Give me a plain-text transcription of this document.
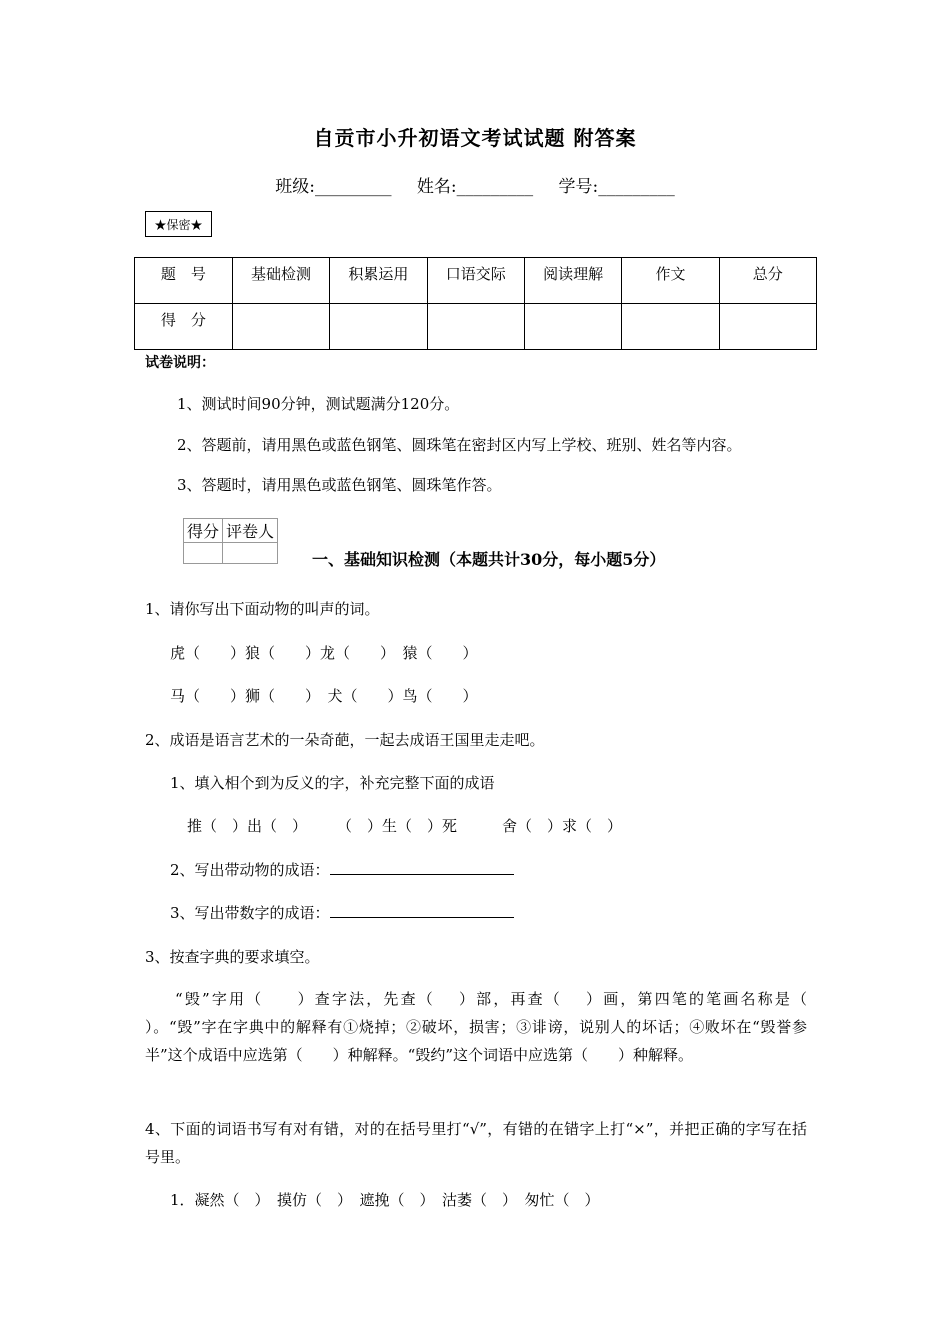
自贡市小升初语文考试试题 附答案
班级:_________ 姓名:_________ 学号:_________
★保密★
题　号	基础检测	积累运用	口语交际	阅读理解	作文	总分
得　分						
试卷说明：
1、测试时间90分钟，测试题满分120分。
2、答题前，请用黑色或蓝色钢笔、圆珠笔在密封区内写上学校、班别、姓名等内容。
3、答题时，请用黑色或蓝色钢笔、圆珠笔作答。
得分	评卷人

一、基础知识检测（本题共计30分，每小题5分）
1、请你写出下面动物的叫声的词。
虎（　　）狼（　　）龙（　　）　猿（　　）
马（　　）狮（　　）　犬（　　）鸟（　　）
2、成语是语言艺术的一朵奇葩，一起去成语王国里走走吧。
1、填入相个到为反义的字，补充完整下面的成语
推（　）出（　）　　　（　）生（　）死　　　舍（　）求（　）
2、写出带动物的成语：
3、写出带数字的成语：
3、按查字典的要求填空。
“毁”字用（　　）查字法，先查（　 ）部，再查（　 ）画，第四笔的笔画名称是（　 ）。“毁”字在字典中的解释有①烧掉；②破坏，损害；③诽谤，说别人的坏话；④败坏在“毁誉参半”这个成语中应选第（　　）种解释。“毁约”这个词语中应选第（　　）种解释。
4、下面的词语书写有对有错，对的在括号里打“√”，有错的在错字上打“×”，并把正确的字写在括号里。
1．凝然（　）　摸仿（　）　遮挽（　）　沽萎（　）　匆忙（　）
